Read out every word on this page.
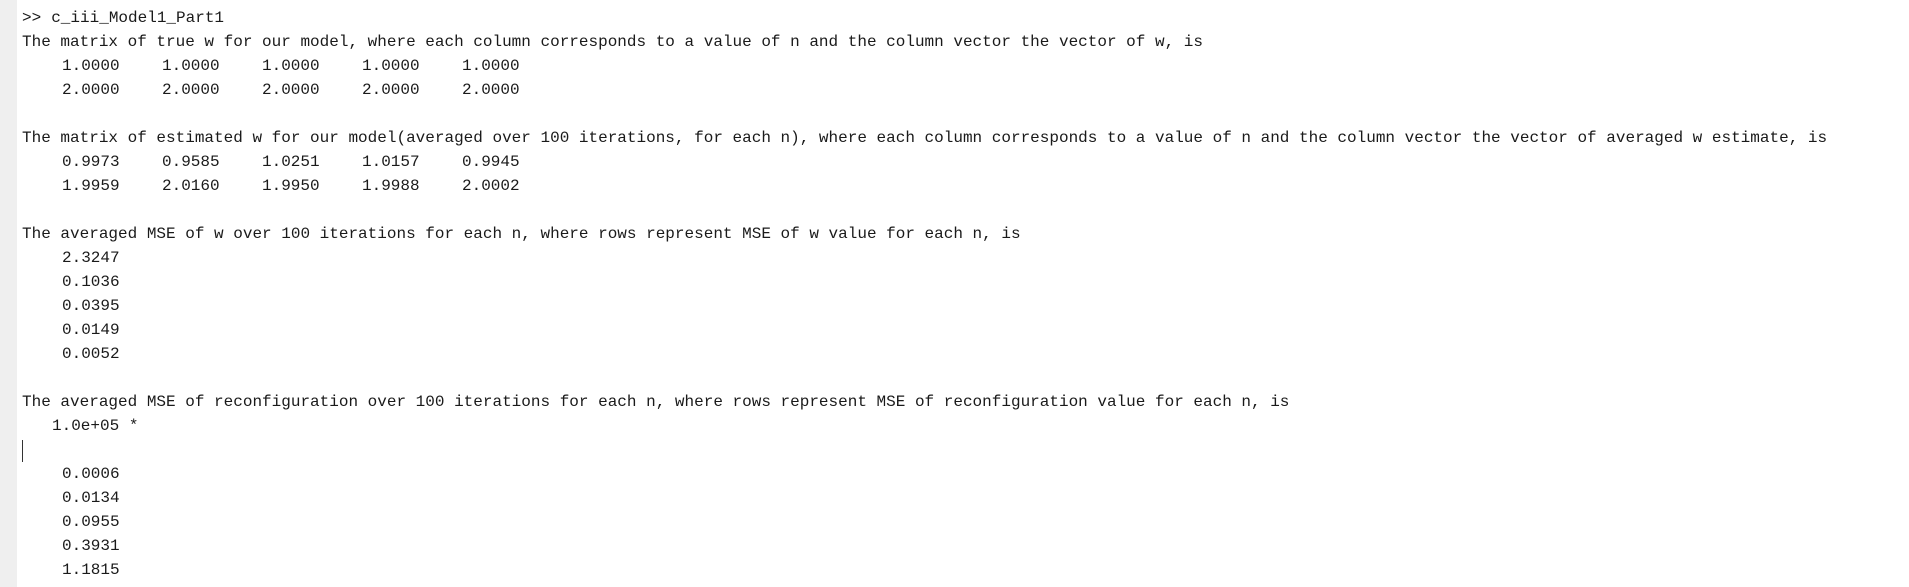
>> c_iii_Model1_Part1
The matrix of true w for our model, where each column corresponds to a value of n and the column vector the vector of w, is
1.0000	1.0000	1.0000	1.0000	1.0000
2.0000	2.0000	2.0000	2.0000	2.0000
The matrix of estimated w for our model(averaged over 100 iterations, for each n), where each column corresponds to a value of n and the column vector the vector of averaged w estimate, is
0.9973	0.9585	1.0251	1.0157	0.9945
1.9959	2.0160	1.9950	1.9988	2.0002
The averaged MSE of w over 100 iterations for each n, where rows represent MSE of w value for each n, is
2.3247
0.1036
0.0395
0.0149
0.0052
The averaged MSE of reconfiguration over 100 iterations for each n, where rows represent MSE of reconfiguration value for each n, is
1.0e+05 *
0.0006
0.0134
0.0955
0.3931
1.1815
